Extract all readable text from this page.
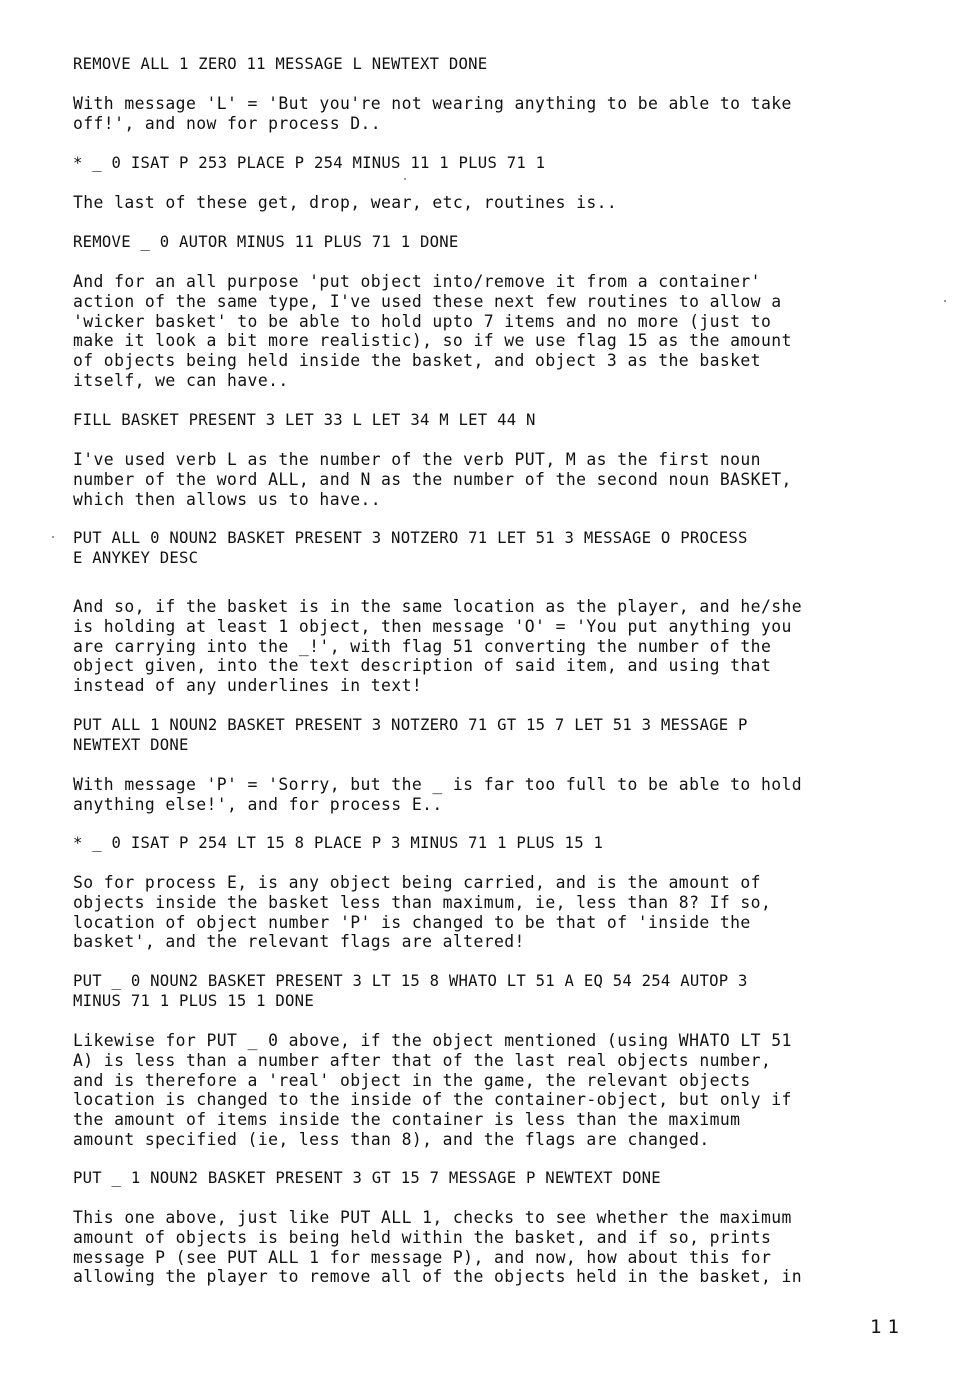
REMOVE ALL 1 ZERO 11 MESSAGE L NEWTEXT DONE
With message 'L' = 'But you're not wearing anything to be able to take
off!', and now for process D..
* _ 0 ISAT P 253 PLACE P 254 MINUS 11 1 PLUS 71 1
The last of these get, drop, wear, etc, routines is..
REMOVE _ 0 AUTOR MINUS 11 PLUS 71 1 DONE
And for an all purpose 'put object into/remove it from a container'
action of the same type, I've used these next few routines to allow a
'wicker basket' to be able to hold upto 7 items and no more (just to
make it look a bit more realistic), so if we use flag 15 as the amount
of objects being held inside the basket, and object 3 as the basket
itself, we can have..
FILL BASKET PRESENT 3 LET 33 L LET 34 M LET 44 N
I've used verb L as the number of the verb PUT, M as the first noun
number of the word ALL, and N as the number of the second noun BASKET,
which then allows us to have..
PUT ALL 0 NOUN2 BASKET PRESENT 3 NOTZERO 71 LET 51 3 MESSAGE O PROCESS
E ANYKEY DESC
And so, if the basket is in the same location as the player, and he/she
is holding at least 1 object, then message 'O' = 'You put anything you
are carrying into the _!', with flag 51 converting the number of the
object given, into the text description of said item, and using that
instead of any underlines in text!
PUT ALL 1 NOUN2 BASKET PRESENT 3 NOTZERO 71 GT 15 7 LET 51 3 MESSAGE P
NEWTEXT DONE
With message 'P' = 'Sorry, but the _ is far too full to be able to hold
anything else!', and for process E..
* _ 0 ISAT P 254 LT 15 8 PLACE P 3 MINUS 71 1 PLUS 15 1
So for process E, is any object being carried, and is the amount of
objects inside the basket less than maximum, ie, less than 8? If so,
location of object number 'P' is changed to be that of 'inside the
basket', and the relevant flags are altered!
PUT _ 0 NOUN2 BASKET PRESENT 3 LT 15 8 WHATO LT 51 A EQ 54 254 AUTOP 3
MINUS 71 1 PLUS 15 1 DONE
Likewise for PUT _ 0 above, if the object mentioned (using WHATO LT 51
A) is less than a number after that of the last real objects number,
and is therefore a 'real' object in the game, the relevant objects
location is changed to the inside of the container-object, but only if
the amount of items inside the container is less than the maximum
amount specified (ie, less than 8), and the flags are changed.
PUT _ 1 NOUN2 BASKET PRESENT 3 GT 15 7 MESSAGE P NEWTEXT DONE
This one above, just like PUT ALL 1, checks to see whether the maximum
amount of objects is being held within the basket, and if so, prints
message P (see PUT ALL 1 for message P), and now, how about this for
allowing the player to remove all of the objects held in the basket, in
11
